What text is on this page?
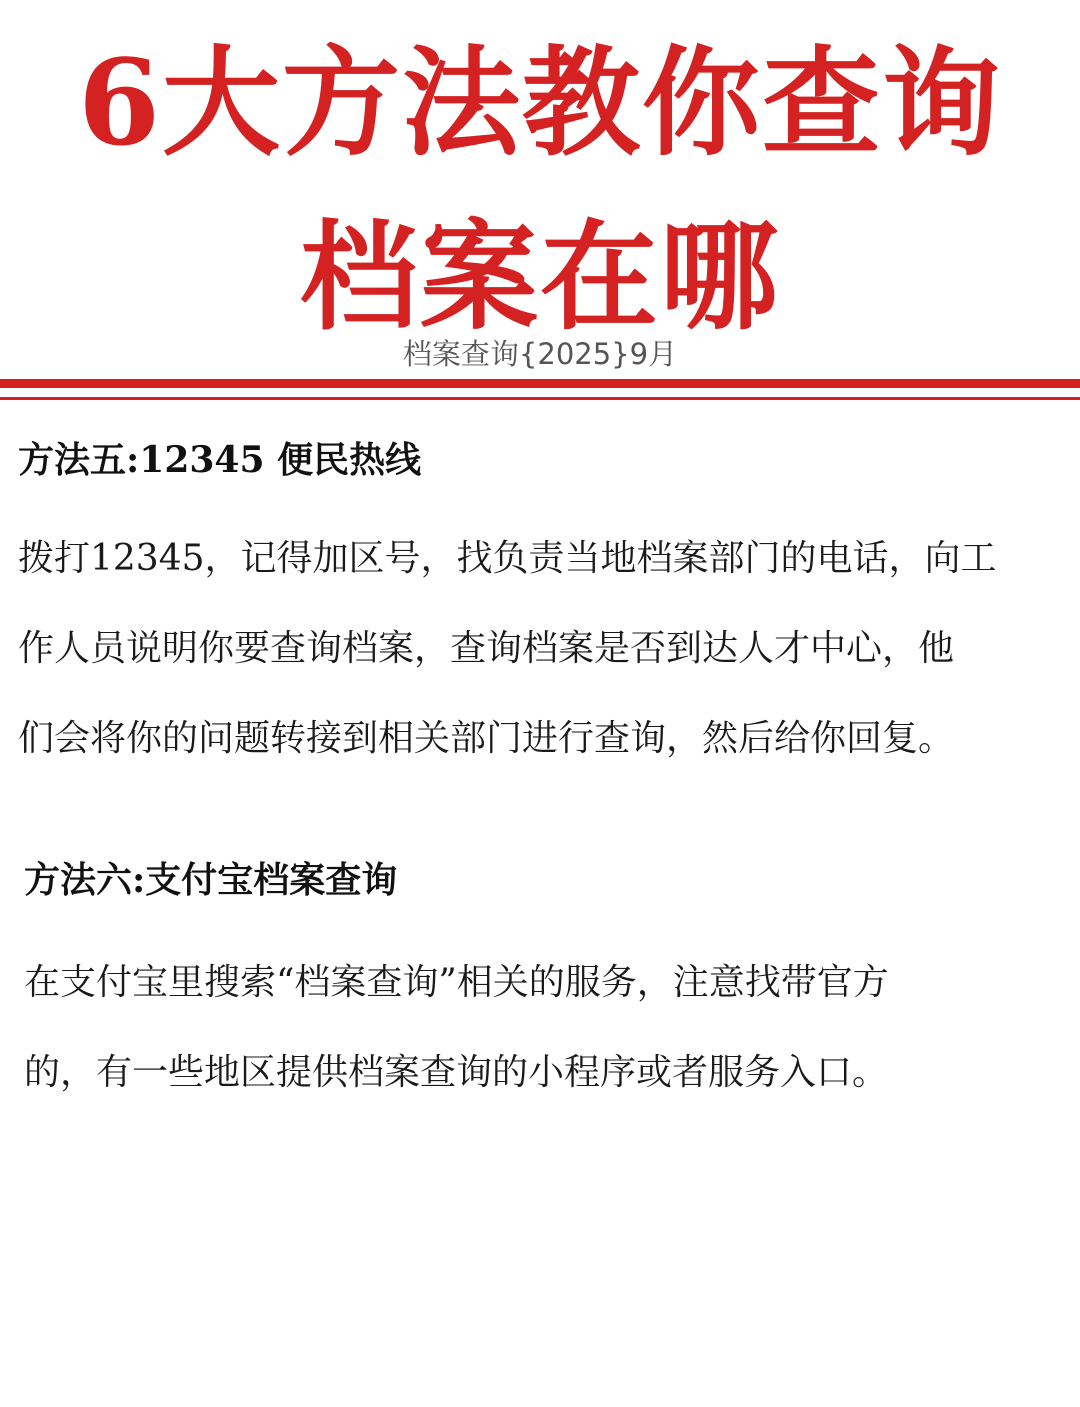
6大方法教你查询
档案在哪
档案查询{2025}9月

方法五:12345 便民热线

拨打12345，记得加区号，找负责当地档案部门的电话，向工

作人员说明你要查询档案，查询档案是否到达人才中心，他

们会将你的问题转接到相关部门进行查询，然后给你回复。

方法六:支付宝档案查询

在支付宝里搜索“档案查询”相关的服务，注意找带官方

的，有一些地区提供档案查询的小程序或者服务入口。
